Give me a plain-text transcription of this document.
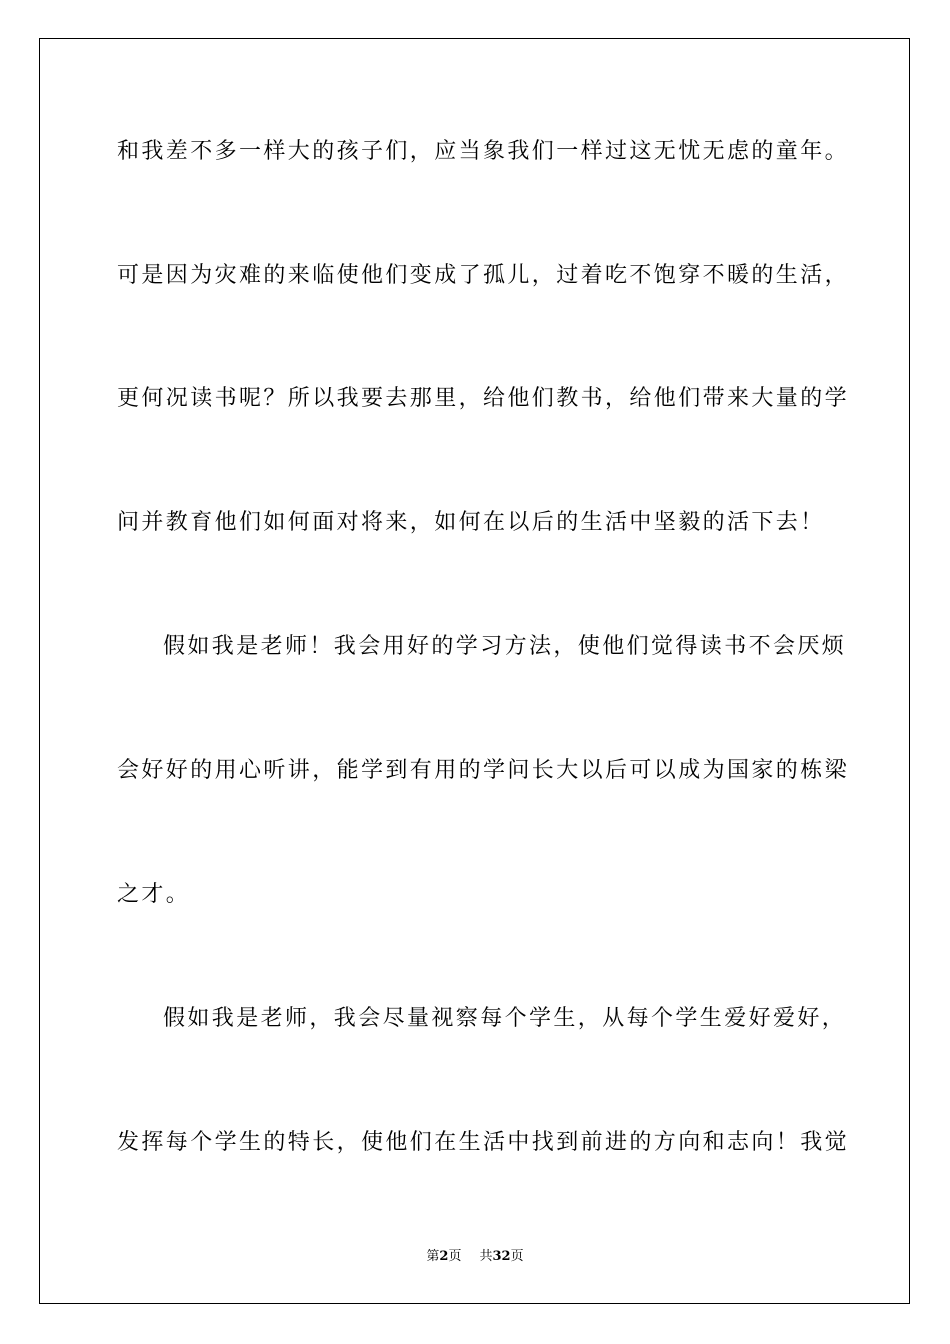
和我差不多一样大的孩子们，应当象我们一样过这无忧无虑的童年。
可是因为灾难的来临使他们变成了孤儿，过着吃不饱穿不暖的生活，
更何况读书呢？所以我要去那里，给他们教书，给他们带来大量的学
问并教育他们如何面对将来，如何在以后的生活中坚毅的活下去！
假如我是老师！我会用好的学习方法，使他们觉得读书不会厌烦
会好好的用心听讲，能学到有用的学问长大以后可以成为国家的栋梁
之才。
假如我是老师，我会尽量视察每个学生，从每个学生爱好爱好，
发挥每个学生的特长，使他们在生活中找到前进的方向和志向！我觉
第2页 共32页
